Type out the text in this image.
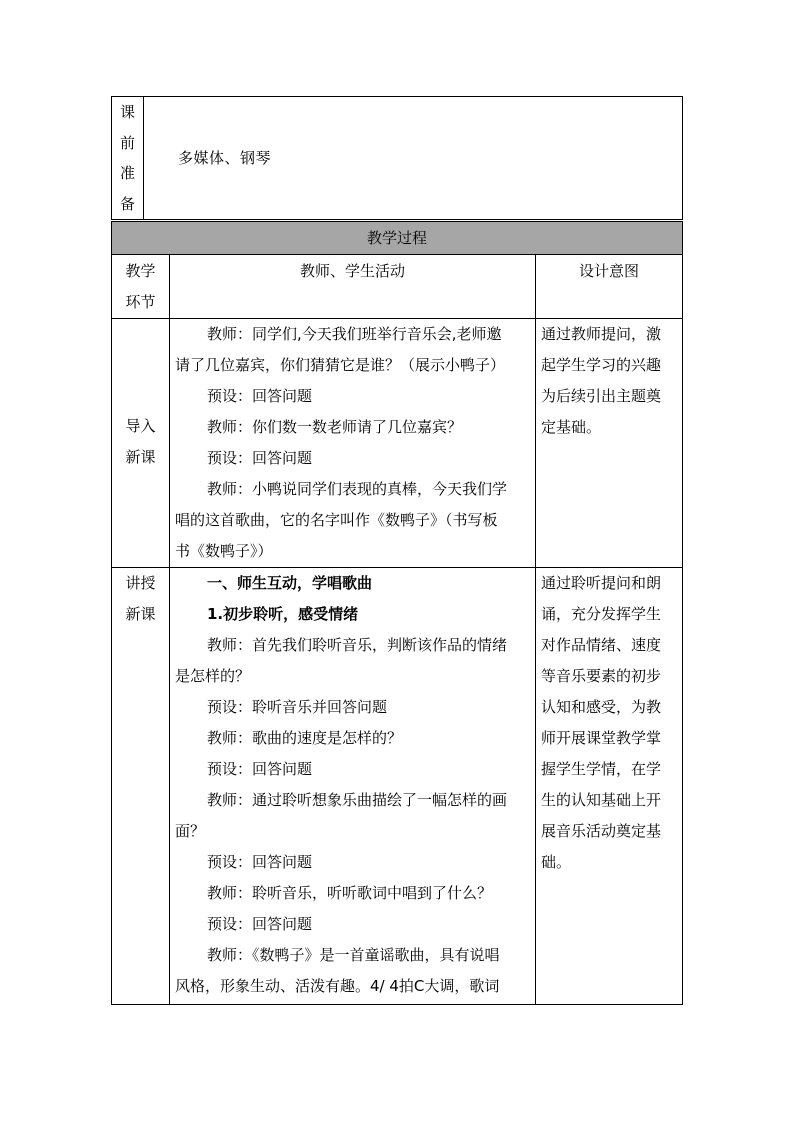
课
前
准
备
多媒体、钢琴
教学过程
教学
环节
教师、学生活动	设计意图
导入
新课

教师：同学们,今天我们班举行音乐会,老师邀

请了几位嘉宾，你们猜猜它是谁？（展示小鸭子）

预设：回答问题

教师：你们数一数老师请了几位嘉宾？

预设：回答问题

教师：小鸭说同学们表现的真棒，今天我们学

唱的这首歌曲，它的名字叫作《数鸭子》（书写板

书《数鸭子》）

通过教师提问，激
起学生学习的兴趣
为后续引出主题奠
定基础。
讲授
新课

一、师生互动，学唱歌曲

1.初步聆听，感受情绪

教师：首先我们聆听音乐，判断该作品的情绪

是怎样的？

预设：聆听音乐并回答问题

教师：歌曲的速度是怎样的？

预设：回答问题

教师：通过聆听想象乐曲描绘了一幅怎样的画

面？

预设：回答问题

教师：聆听音乐，听听歌词中唱到了什么？

预设：回答问题

教师：《数鸭子》是一首童谣歌曲，具有说唱

风格，形象生动、活泼有趣。4/ 4拍C大调，歌词

通过聆听提问和朗
诵，充分发挥学生
对作品情绪、速度
等音乐要素的初步
认知和感受，为教
师开展课堂教学掌
握学生学情，在学
生的认知基础上开
展音乐活动奠定基
础。
